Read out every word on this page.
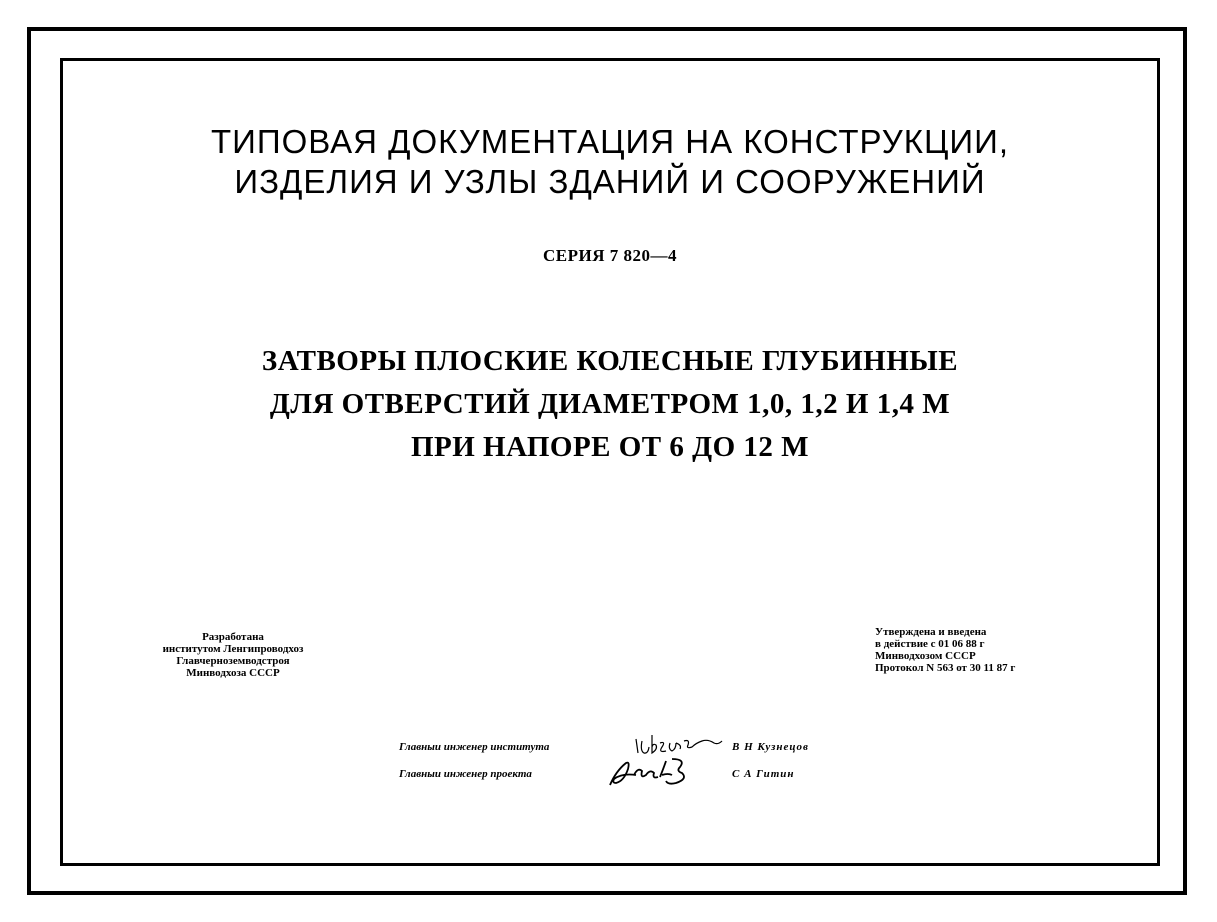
ТИПОВАЯ ДОКУМЕНТАЦИЯ НА КОНСТРУКЦИИ,
ИЗДЕЛИЯ И УЗЛЫ ЗДАНИЙ И СООРУЖЕНИЙ
СЕРИЯ 7 820—4
ЗАТВОРЫ ПЛОСКИЕ КОЛЕСНЫЕ ГЛУБИННЫЕ
ДЛЯ ОТВЕРСТИЙ ДИАМЕТРОМ 1,0, 1,2 И 1,4 М
ПРИ НАПОРЕ ОТ 6 ДО 12 М
Разработана
институтом Ленгипроводхоз
Главчерноземводстроя
Минводхоза СССР
Утверждена и введена
в действие с 01 06 88 г
Минводхозом СССР
Протокол N 563 от 30 11 87 г
Главныи инженер института	В Н Кузнецов
Главныи инженер проекта	С А Гитин
